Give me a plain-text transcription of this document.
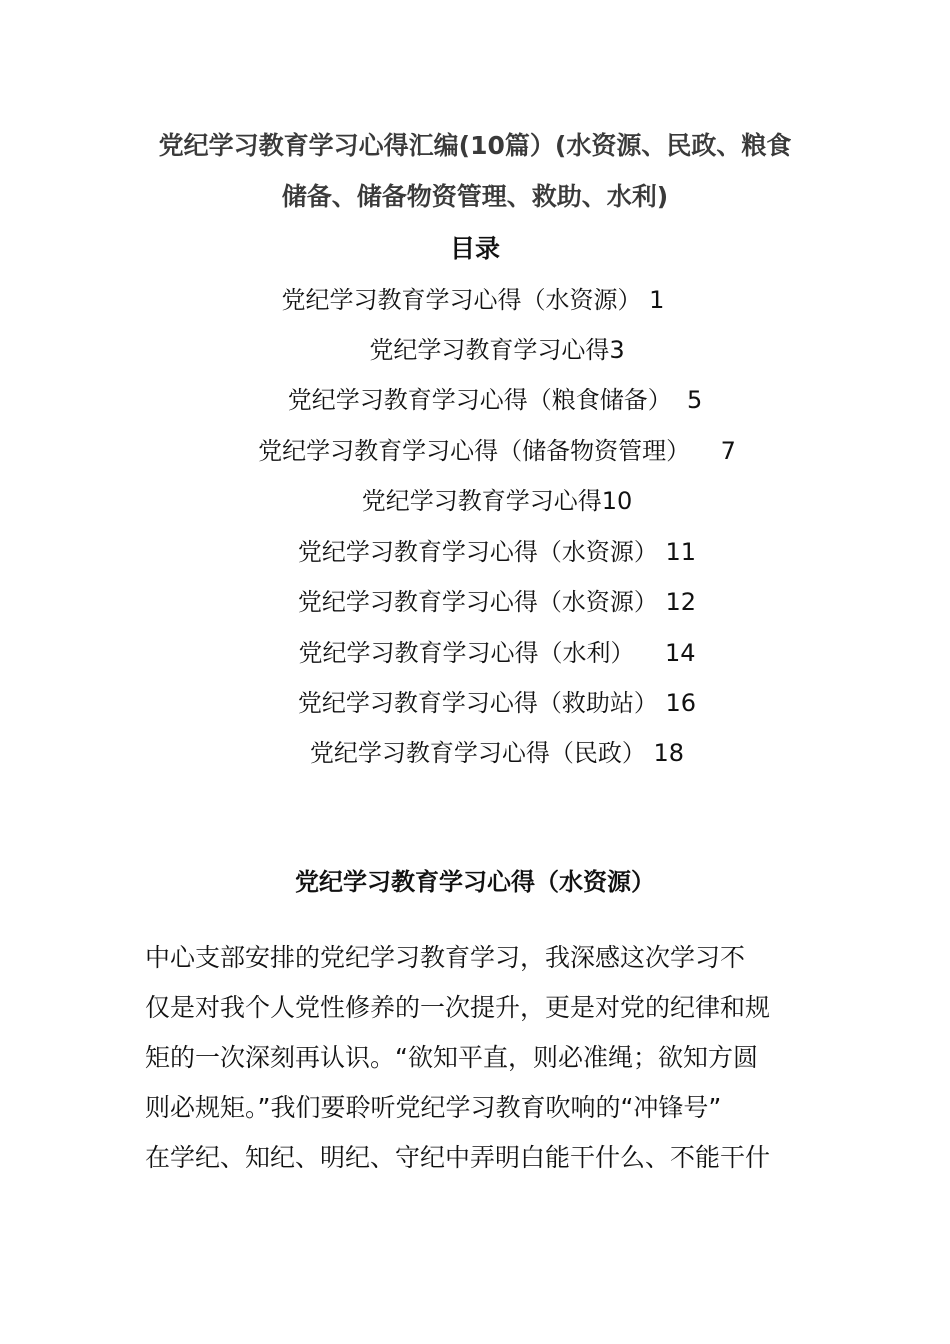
党纪学习教育学习心得汇编(10篇）(水资源、民政、粮食
储备、储备物资管理、救助、水利)
目录
党纪学习教育学习心得（水资源） 1
党纪学习教育学习心得3
党纪学习教育学习心得（粮食储备）  5
党纪学习教育学习心得（储备物资管理）    7
党纪学习教育学习心得10
党纪学习教育学习心得（水资源） 11
党纪学习教育学习心得（水资源） 12
党纪学习教育学习心得（水利）    14
党纪学习教育学习心得（救助站） 16
党纪学习教育学习心得（民政） 18
党纪学习教育学习心得（水资源）
中心支部安排的党纪学习教育学习，我深感这次学习不
仅是对我个人党性修养的一次提升，更是对党的纪律和规
矩的一次深刻再认识。“欲知平直，则必准绳；欲知方圆
则必规矩。”我们要聆听党纪学习教育吹响的“冲锋号”
在学纪、知纪、明纪、守纪中弄明白能干什么、不能干什
